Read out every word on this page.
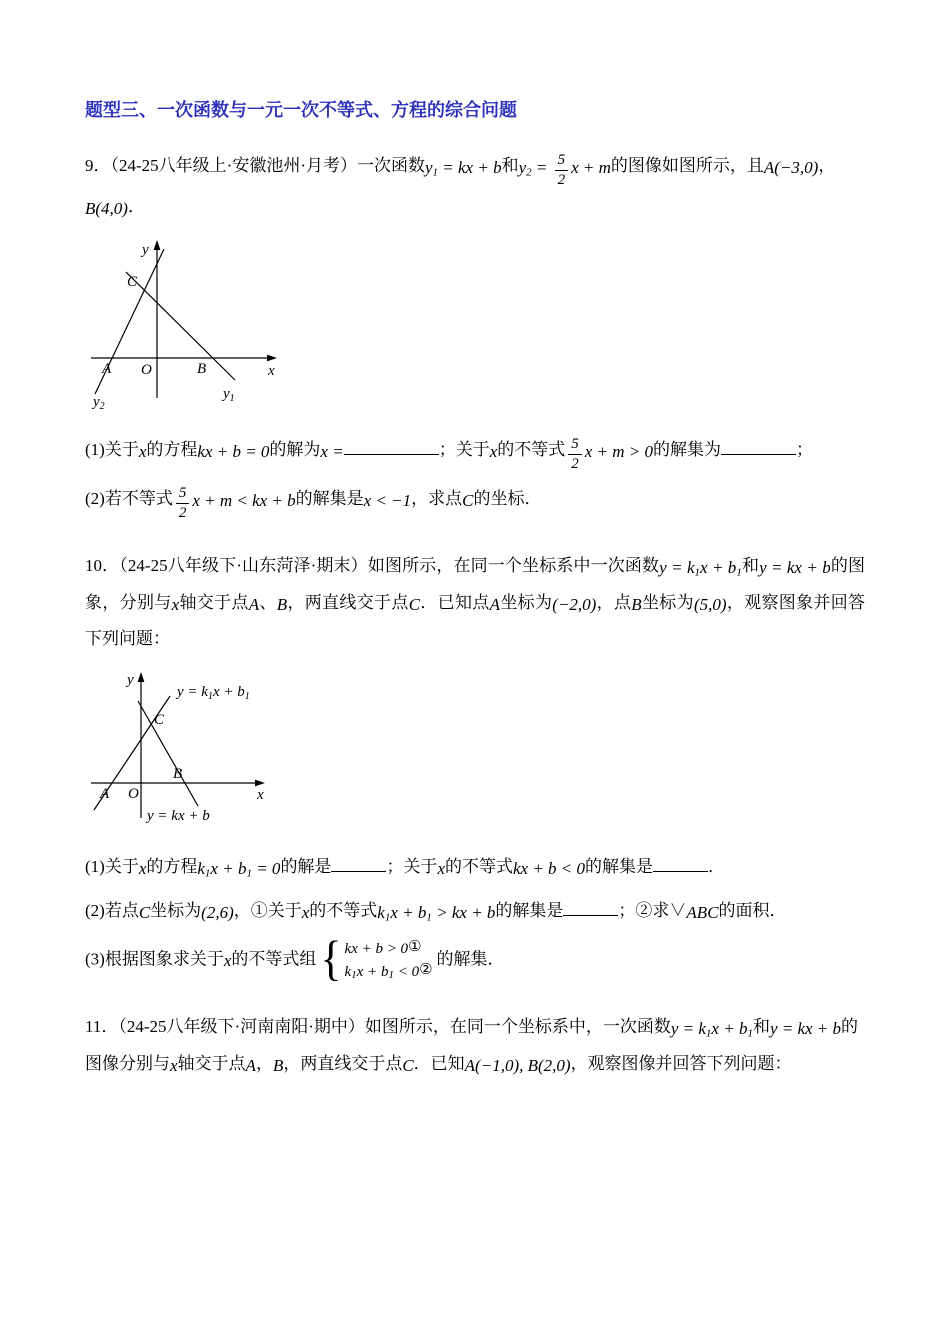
题型三、一次函数与一元一次不等式、方程的综合问题

9．（24-25八年级上·安徽池州·月考）一次函数$y_1$ = kx + b和$y_2 = \frac{5}{2}$ x + m的图像如图所示，且A(−3,0)，
B(4,0)．

y
x
O
A	B
C
$y_2$
$y_1$

(1)关于x的方程kx + b = 0的解为x =	；关于x的不等式 $\frac{5}{2}$ x + m > 0的解集为	；

(2)若不等式 $\frac{5}{2}$ x + m < kx + b的解集是x < −1，求点C的坐标．

10．（24-25八年级下·山东菏泽·期末）如图所示，在同一个坐标系中一次函数$y = k_1x + b_1$和y = kx + b的图象，分别与x轴交于点A、B，两直线交于点C．已知点A坐标为(−2,0)，点B坐标为(5,0)，观察图象并回答下列问题：

y
x
O
A
B
C
$y = k_1x + b_1$
y = kx + b

(1)关于x的方程$k_1x + b_1 = 0$的解是	；关于x的不等式kx + b < 0的解集是	．

(2)若点C坐标为(2,6)，①关于x的不等式$k_1x + b_1$ > kx + b的解集是	；②求∨ABC的面积．

(3)根据图象求关于x的不等式组 { kx + b > 0①
$k_1x + b_1$ < 0②
的解集．

11．（24-25八年级下·河南南阳·期中）如图所示，在同一个坐标系中，一次函数$y = k_1x + b_1$和y = kx + b的
图像分别与x轴交于点A，B，两直线交于点C．已知A(−1,0), B(2,0)，观察图像并回答下列问题：
